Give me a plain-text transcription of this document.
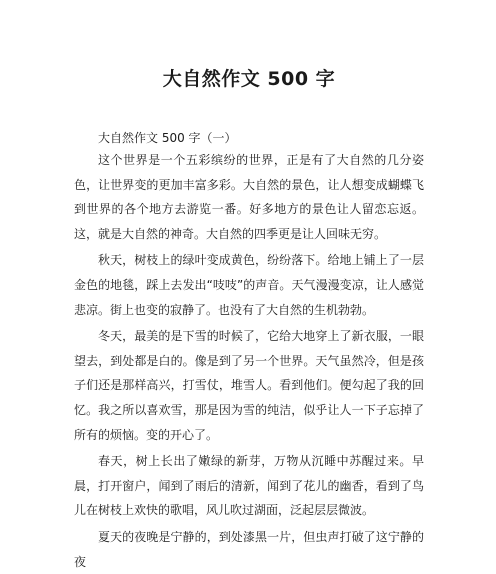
大自然作文 500 字
大自然作文 500 字（一）

这个世界是一个五彩缤纷的世界，正是有了大自然的几分姿色，让世界变的更加丰富多彩。大自然的景色，让人想变成蝴蝶飞到世界的各个地方去游览一番。好多地方的景色让人留恋忘返。这，就是大自然的神奇。大自然的四季更是让人回味无穷。

秋天，树枝上的绿叶变成黄色，纷纷落下。给地上铺上了一层金色的地毯，踩上去发出“吱吱”的声音。天气漫漫变凉，让人感觉悲凉。街上也变的寂静了。也没有了大自然的生机勃勃。

冬天，最美的是下雪的时候了，它给大地穿上了新衣服，一眼望去，到处都是白的。像是到了另一个世界。天气虽然冷，但是孩子们还是那样高兴，打雪仗，堆雪人。看到他们。便勾起了我的回忆。我之所以喜欢雪，那是因为雪的纯洁，似乎让人一下子忘掉了所有的烦恼。变的开心了。

春天，树上长出了嫩绿的新芽，万物从沉睡中苏醒过来。早晨，打开窗户，闻到了雨后的清新，闻到了花儿的幽香，看到了鸟儿在树枝上欢快的歌唱，风儿吹过湖面，泛起层层微波。

夏天的夜晚是宁静的，到处漆黑一片，但虫声打破了这宁静的夜
